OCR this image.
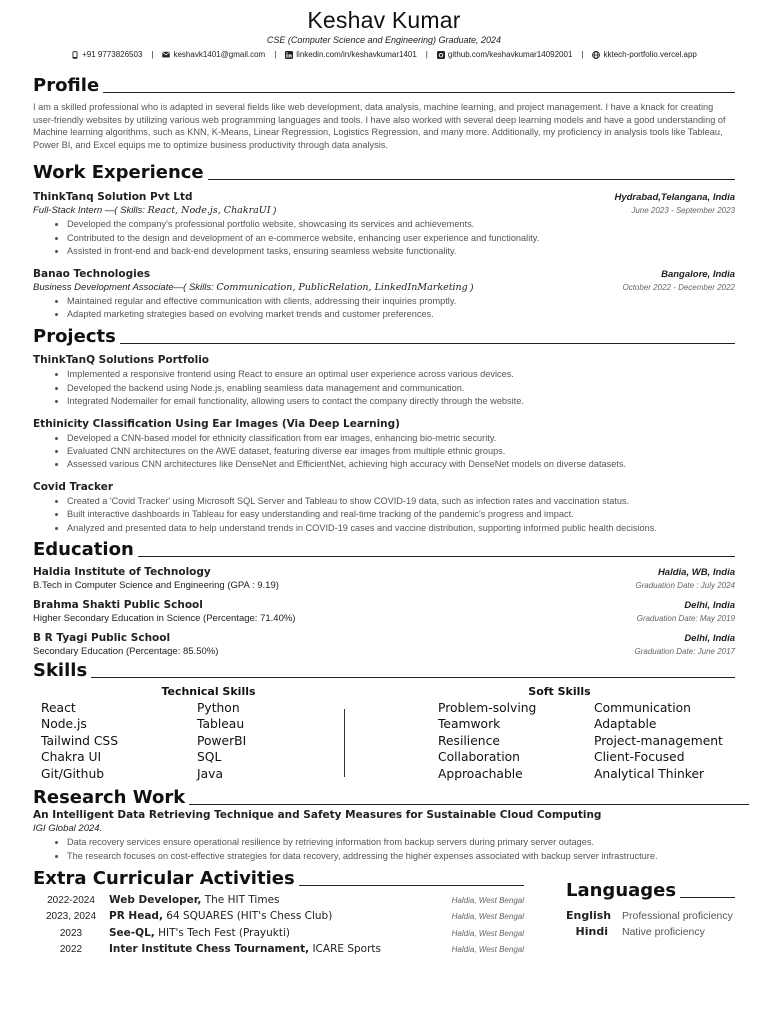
Keshav Kumar
CSE (Computer Science and Engineering) Graduate, 2024
+91 9773826503 |	keshavk1401@gmail.com |	linkedin.com/in/keshavkumar1401 |	github.com/keshavkumar14092001 |	kktech-portfolio.vercel.app
Profile
I am a skilled professional who is adapted in several fields like web development, data analysis, machine learning, and project management. I have a knack for creating user-friendly websites by utilizing various web programming languages and tools. I have also worked with several deep learning models and have a good understanding of Machine learning algorithms, such as KNN, K-Means, Linear Regression, Logistics Regression, and many more. Additionally, my proficiency in analysis tools like Tableau, Power BI, and Excel equips me to optimize business productivity through data analysis.
Work Experience
ThinkTanq Solution Pvt Ltd	Hydrabad,Telangana, India
Full-Stack Intern —( Skills: React, Node.js, ChakraUI )	June 2023 - September 2023
• Developed the company's professional portfolio website, showcasing its services and achievements.
• Contributed to the design and development of an e-commerce website, enhancing user experience and functionality.
• Assisted in front-end and back-end development tasks, ensuring seamless website functionality.
Banao Technologies	Bangalore, India
Business Development Associate—( Skills: Communication, PublicRelation, LinkedInMarketing )	October 2022 - December 2022
• Maintained regular and effective communication with clients, addressing their inquiries promptly.
• Adapted marketing strategies based on evolving market trends and customer preferences.
Projects
ThinkTanQ Solutions Portfolio
• Implemented a responsive frontend using React to ensure an optimal user experience across various devices.
• Developed the backend using Node.js, enabling seamless data management and communication.
• Integrated Nodemailer for email functionality, allowing users to contact the company directly through the website.
Ethinicity Classification Using Ear Images (Via Deep Learning)
• Developed a CNN-based model for ethnicity classification from ear images, enhancing bio-metric security.
• Evaluated CNN architectures on the AWE dataset, featuring diverse ear images from multiple ethnic groups.
• Assessed various CNN architectures like DenseNet and EfficientNet, achieving high accuracy with DenseNet models on diverse datasets.
Covid Tracker
• Created a 'Covid Tracker' using Microsoft SQL Server and Tableau to show COVID-19 data, such as infection rates and vaccination status.
• Built interactive dashboards in Tableau for easy understanding and real-time tracking of the pandemic's progress and impact.
• Analyzed and presented data to help understand trends in COVID-19 cases and vaccine distribution, supporting informed public health decisions.
Education
Haldia Institute of Technology	Haldia, WB, India
B.Tech in Computer Science and Engineering (GPA : 9.19)	Graduation Date : July 2024
Brahma Shakti Public School	Delhi, India
Higher Secondary Education in Science (Percentage: 71.40%)	Graduation Date: May 2019
B R Tyagi Public School	Delhi, India
Secondary Education (Percentage: 85.50%)	Graduation Date: June 2017
Skills
Technical Skills
React	Python
Node.js	Tableau
Tailwind CSS	PowerBI
Chakra UI	SQL
Git/Github	Java
Soft Skills
Problem-solving	Communication
Teamwork	Adaptable
Resilience	Project-management
Collaboration	Client-Focused
Approachable	Analytical Thinker
Research Work
An Intelligent Data Retrieving Technique and Safety Measures for Sustainable Cloud Computing
IGI Global 2024.
• Data recovery services ensure operational resilience by retrieving information from backup servers during primary server outages.
• The research focuses on cost-effective strategies for data recovery, addressing the higher expenses associated with backup server infrastructure.
Extra Curricular Activities
2022-2024	Web Developer, The HIT Times	Haldia, West Bengal
2023, 2024	PR Head, 64 SQUARES (HIT's Chess Club)	Haldia, West Bengal
2023	See-QL, HIT's Tech Fest (Prayukti)	Haldia, West Bengal
2022	Inter Institute Chess Tournament, ICARE Sports	Haldia, West Bengal
Languages
English Professional proficiency
Hindi Native proficiency
